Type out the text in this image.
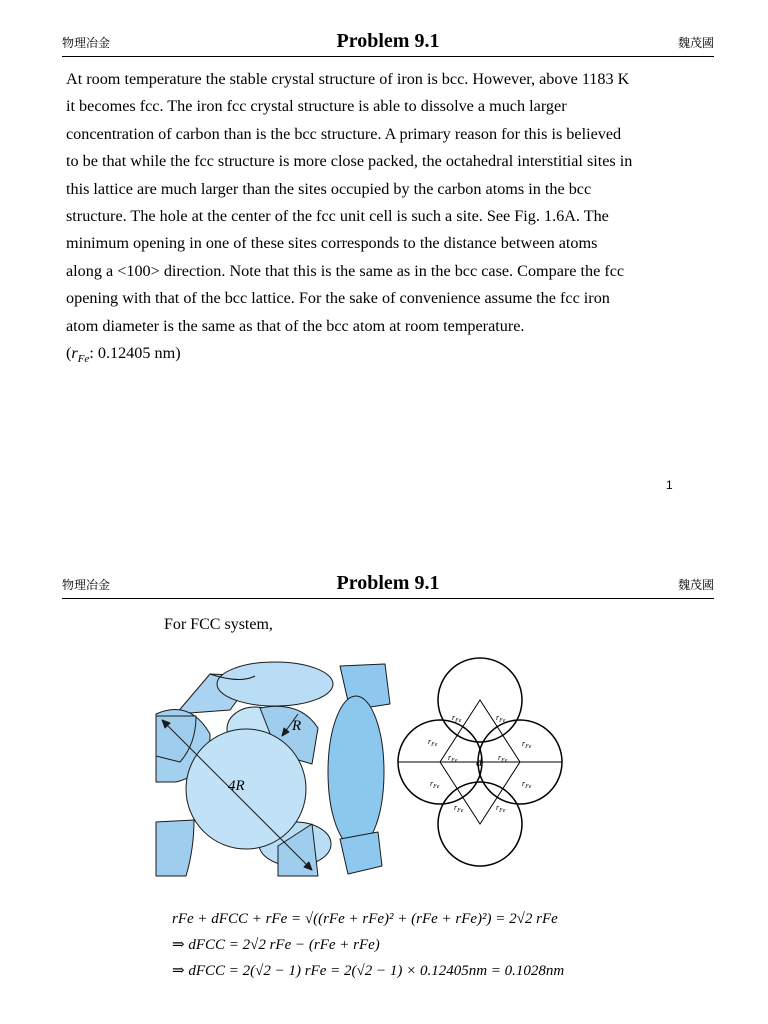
物理冶金	Problem 9.1	魏茂國
At room temperature the stable crystal structure of iron is bcc. However, above 1183 K
it becomes fcc. The iron fcc crystal structure is able to dissolve a much larger
concentration of carbon than is the bcc structure. A primary reason for this is believed
to be that while the fcc structure is more close packed, the octahedral interstitial sites in
this lattice are much larger than the sites occupied by the carbon atoms in the bcc
structure. The hole at the center of the fcc unit cell is such a site. See Fig. 1.6A. The
minimum opening in one of these sites corresponds to the distance between atoms
along a <100> direction. Note that this is the same as in the bcc case. Compare the fcc
opening with that of the bcc lattice. For the sake of convenience assume the fcc iron
atom diameter is the same as that of the bcc atom at room temperature.
($r_{Fe}$: 0.12405 nm)
1
物理冶金	Problem 9.1	魏茂國
For FCC system,
R
4R
d
$r_{Fe}$	$r_{Fe}$
$r_{Fe}$	$r_{Fe}$
$r_{Fe}$	$r_{Fe}$
$r_{Fe}$	$r_{Fe}$
$r_{Fe}$	$r_{Fe}$
rFe + dFCC + rFe = √((rFe + rFe)² + (rFe + rFe)²) = 2√2 rFe
⇒ dFCC = 2√2 rFe − (rFe + rFe)
⇒ dFCC = 2(√2 − 1) rFe = 2(√2 − 1) × 0.12405nm = 0.1028nm
